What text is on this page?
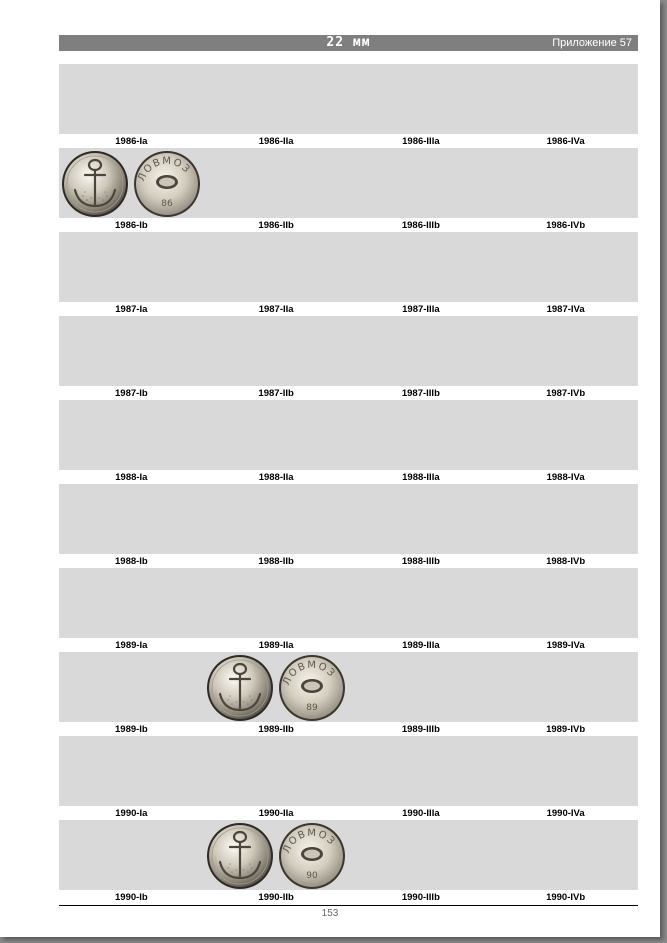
22 мм	Приложение 57
1986-Ia	1986-IIa	1986-IIIa	1986-IVa
ЛОВМОЗ
86
1986-Ib	1986-IIb	1986-IIIb	1986-IVb
1987-Ia	1987-IIa	1987-IIIa	1987-IVa
1987-Ib	1987-IIb	1987-IIIb	1987-IVb
1988-Ia	1988-IIa	1988-IIIa	1988-IVa
1988-Ib	1988-IIb	1988-IIIb	1988-IVb
1989-Ia	1989-IIa	1989-IIIa	1989-IVa
ЛОВМОЗ
89
1989-Ib	1989-IIb	1989-IIIb	1989-IVb
1990-Ia	1990-IIa	1990-IIIa	1990-IVa
ЛОВМОЗ
90
1990-Ib	1990-IIb	1990-IIIb	1990-IVb
153
